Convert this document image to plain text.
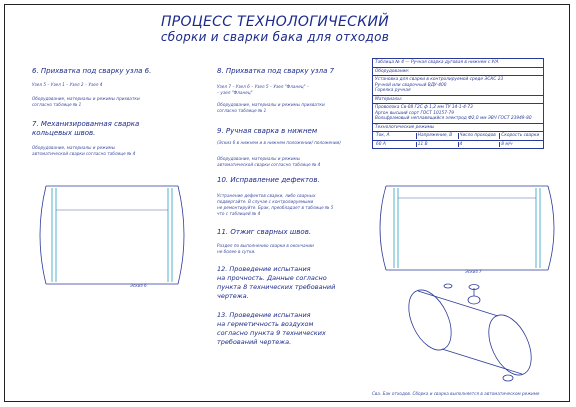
ПРОЦЕСС ТЕХНОЛОГИЧЕСКИЙ
сборки и сварки бака для отходов
6. Прихватка под сварку узла 6.
Узел 5 – Узел 1 – Узел 2 – Узел 4
Оборудование, материалы и режимы прихватки
согласно таблице № 1
7. Механизированная сварка
кольцевых швов.
Оборудование, материалы и режимы
автоматической сварки согласно таблице № 4
Эскиз 6
8. Прихватка под сварку узла 7
Узел 7 – Узел 6 – Узел 5 – Узел "Фланец" –
– узел "Фланец"
Оборудование, материалы и режимы прихватки
согласно таблице № 1
9. Ручная сварка в нижнем
(Эскиз 6 в нижнем и в нижнем положении/ положении)
Оборудование, материалы и режимы
автоматической сварки согласно таблице № 4
10. Исправление дефектов.
Устранение дефектов сварки, либо сварных
подвергайте. В случае с контролируемыми
не ремонтируйте. Брак, преобладает в таблице № 5
что с таблицей № 4
11. Отжиг сварных швов.
Раздел по выполнению сварки в окончании
не более в сутки.
12. Проведение испытания
на прочность. Данные согласно
пункта 8 технических требований
чертежа.
13. Проведение испытания
на герметичность воздухом
согласно пункта 9 технических
требований чертежа.
Таблица № 4 — Ручная сварка дуговая в нижнем с У/А
Оборудование:
Установка для сварки в контролируемой среде ЭСКС 23
Ручной или сварочный ВДУ-400
Горелка ручная
Материалы:
Проволока Св-08 Г2С ф 1,2 мм ТУ 14-1-4-73
Аргон высший сорт ГОСТ 10157-79
Вольфрамовый неплавящийся электрод Ф2,0 мм ЭВЧ ГОСТ 23949-80
Технологические режимы
Ток, А	Напряжение, В	Число проходов	Скорость сварки
60 А	11 В	4	8 м/ч
Эскиз 7
Сва. Бак отходов. Сборка и сварка выполняется в автоматическом режиме
